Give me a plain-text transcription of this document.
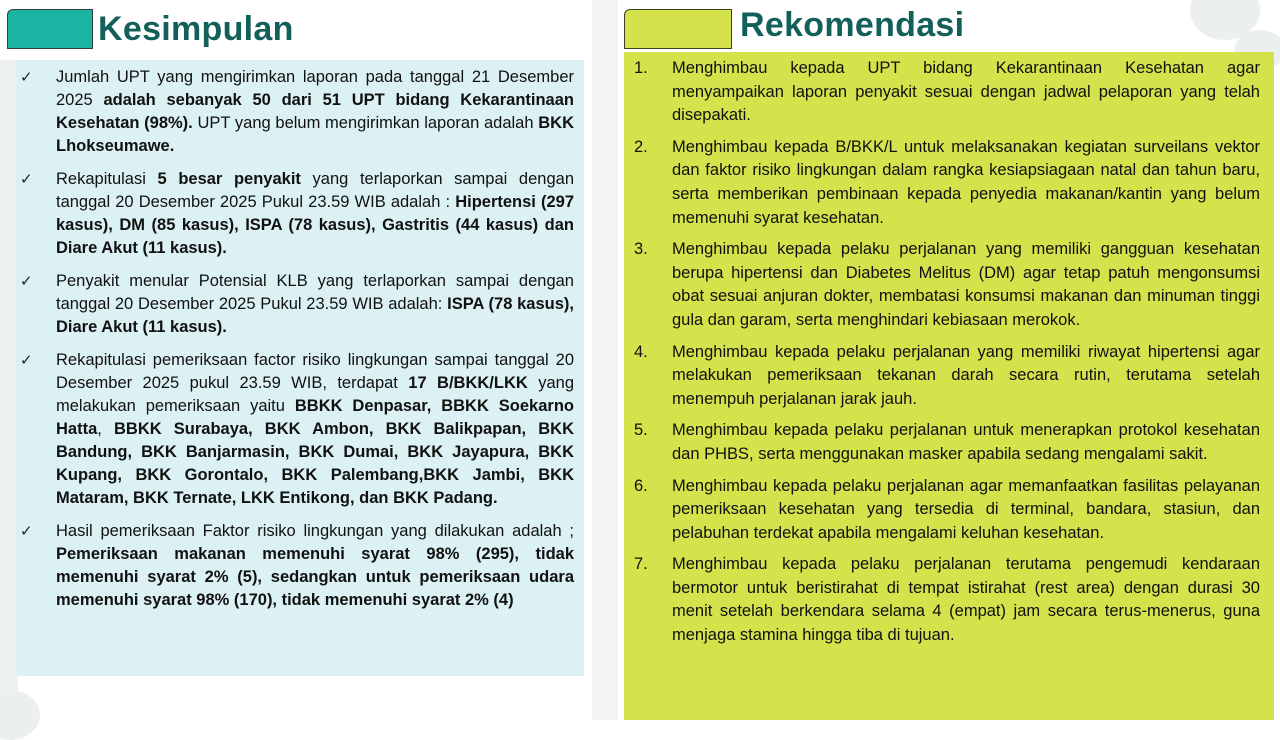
Kesimpulan
✓ Jumlah UPT yang mengirimkan laporan pada tanggal 21 Desember 2025 adalah sebanyak 50 dari 51 UPT bidang Kekarantinaan Kesehatan (98%). UPT yang belum mengirimkan laporan adalah BKK Lhokseumawe.
✓ Rekapitulasi 5 besar penyakit yang terlaporkan sampai dengan tanggal 20 Desember 2025 Pukul 23.59 WIB adalah : Hipertensi (297 kasus), DM (85 kasus), ISPA (78 kasus), Gastritis (44 kasus) dan Diare Akut (11 kasus).
✓ Penyakit menular Potensial KLB yang terlaporkan sampai dengan tanggal 20 Desember 2025 Pukul 23.59 WIB adalah: ISPA (78 kasus), Diare Akut (11 kasus).
✓ Rekapitulasi pemeriksaan factor risiko lingkungan sampai tanggal 20 Desember 2025 pukul 23.59 WIB, terdapat 17 B/BKK/LKK yang melakukan pemeriksaan yaitu BBKK Denpasar, BBKK Soekarno Hatta, BBKK Surabaya, BKK Ambon, BKK Balikpapan, BKK Bandung, BKK Banjarmasin, BKK Dumai, BKK Jayapura, BKK Kupang, BKK Gorontalo, BKK Palembang,BKK Jambi, BKK Mataram, BKK Ternate, LKK Entikong, dan BKK Padang.
✓ Hasil pemeriksaan Faktor risiko lingkungan yang dilakukan adalah ; Pemeriksaan makanan memenuhi syarat 98% (295), tidak memenuhi syarat 2% (5), sedangkan untuk pemeriksaan udara memenuhi syarat 98% (170), tidak memenuhi syarat 2% (4)
Rekomendasi
1. Menghimbau kepada UPT bidang Kekarantinaan Kesehatan agar menyampaikan laporan penyakit sesuai dengan jadwal pelaporan yang telah disepakati.
2. Menghimbau kepada B/BKK/L untuk melaksanakan kegiatan surveilans vektor dan faktor risiko lingkungan dalam rangka kesiapsiagaan natal dan tahun baru, serta memberikan pembinaan kepada penyedia makanan/kantin yang belum memenuhi syarat kesehatan.
3. Menghimbau kepada pelaku perjalanan yang memiliki gangguan kesehatan berupa hipertensi dan Diabetes Melitus (DM) agar tetap patuh mengonsumsi obat sesuai anjuran dokter, membatasi konsumsi makanan dan minuman tinggi gula dan garam, serta menghindari kebiasaan merokok.
4. Menghimbau kepada pelaku perjalanan yang memiliki riwayat hipertensi agar melakukan pemeriksaan tekanan darah secara rutin, terutama setelah menempuh perjalanan jarak jauh.
5. Menghimbau kepada pelaku perjalanan untuk menerapkan protokol kesehatan dan PHBS, serta menggunakan masker apabila sedang mengalami sakit.
6. Menghimbau kepada pelaku perjalanan agar memanfaatkan fasilitas pelayanan pemeriksaan kesehatan yang tersedia di terminal, bandara, stasiun, dan pelabuhan terdekat apabila mengalami keluhan kesehatan.
7. Menghimbau kepada pelaku perjalanan terutama pengemudi kendaraan bermotor untuk beristirahat di tempat istirahat (rest area) dengan durasi 30 menit setelah berkendara selama 4 (empat) jam secara terus-menerus, guna menjaga stamina hingga tiba di tujuan.
